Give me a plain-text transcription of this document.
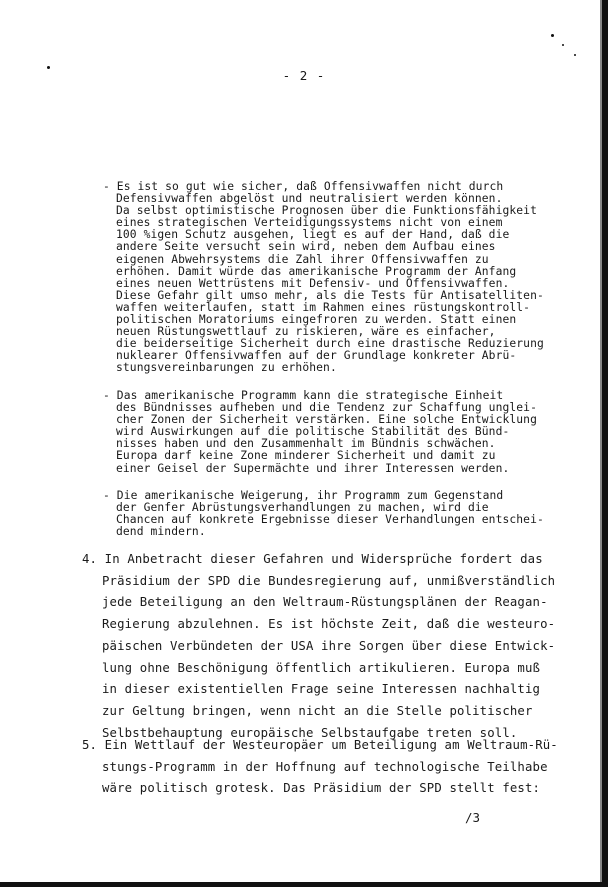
- 2 -
- Es ist so gut wie sicher, daß Offensivwaffen nicht durch
Defensivwaffen abgelöst und neutralisiert werden können.
Da selbst optimistische Prognosen über die Funktionsfähigkeit
eines strategischen Verteidigungssystems nicht von einem
100 %igen Schutz ausgehen, liegt es auf der Hand, daß die
andere Seite versucht sein wird, neben dem Aufbau eines
eigenen Abwehrsystems die Zahl ihrer Offensivwaffen zu
erhöhen. Damit würde das amerikanische Programm der Anfang
eines neuen Wettrüstens mit Defensiv- und Offensivwaffen.
Diese Gefahr gilt umso mehr, als die Tests für Antisatelliten-
waffen weiterlaufen, statt im Rahmen eines rüstungskontroll-
politischen Moratoriums eingefroren zu werden. Statt einen
neuen Rüstungswettlauf zu riskieren, wäre es einfacher,
die beiderseitige Sicherheit durch eine drastische Reduzierung
nuklearer Offensivwaffen auf der Grundlage konkreter Abrü-
stungsvereinbarungen zu erhöhen.
- Das amerikanische Programm kann die strategische Einheit
des Bündnisses aufheben und die Tendenz zur Schaffung unglei-
cher Zonen der Sicherheit verstärken. Eine solche Entwicklung
wird Auswirkungen auf die politische Stabilität des Bünd-
nisses haben und den Zusammenhalt im Bündnis schwächen.
Europa darf keine Zone minderer Sicherheit und damit zu
einer Geisel der Supermächte und ihrer Interessen werden.
- Die amerikanische Weigerung, ihr Programm zum Gegenstand
der Genfer Abrüstungsverhandlungen zu machen, wird die
Chancen auf konkrete Ergebnisse dieser Verhandlungen entschei-
dend mindern.
4. In Anbetracht dieser Gefahren und Widersprüche fordert das
Präsidium der SPD die Bundesregierung auf, unmißverständlich
jede Beteiligung an den Weltraum-Rüstungsplänen der Reagan-
Regierung abzulehnen. Es ist höchste Zeit, daß die westeuro-
päischen Verbündeten der USA ihre Sorgen über diese Entwick-
lung ohne Beschönigung öffentlich artikulieren. Europa muß
in dieser existentiellen Frage seine Interessen nachhaltig
zur Geltung bringen, wenn nicht an die Stelle politischer
Selbstbehauptung europäische Selbstaufgabe treten soll.
5. Ein Wettlauf der Westeuropäer um Beteiligung am Weltraum-Rü-
stungs-Programm in der Hoffnung auf technologische Teilhabe
wäre politisch grotesk. Das Präsidium der SPD stellt fest:
/3
